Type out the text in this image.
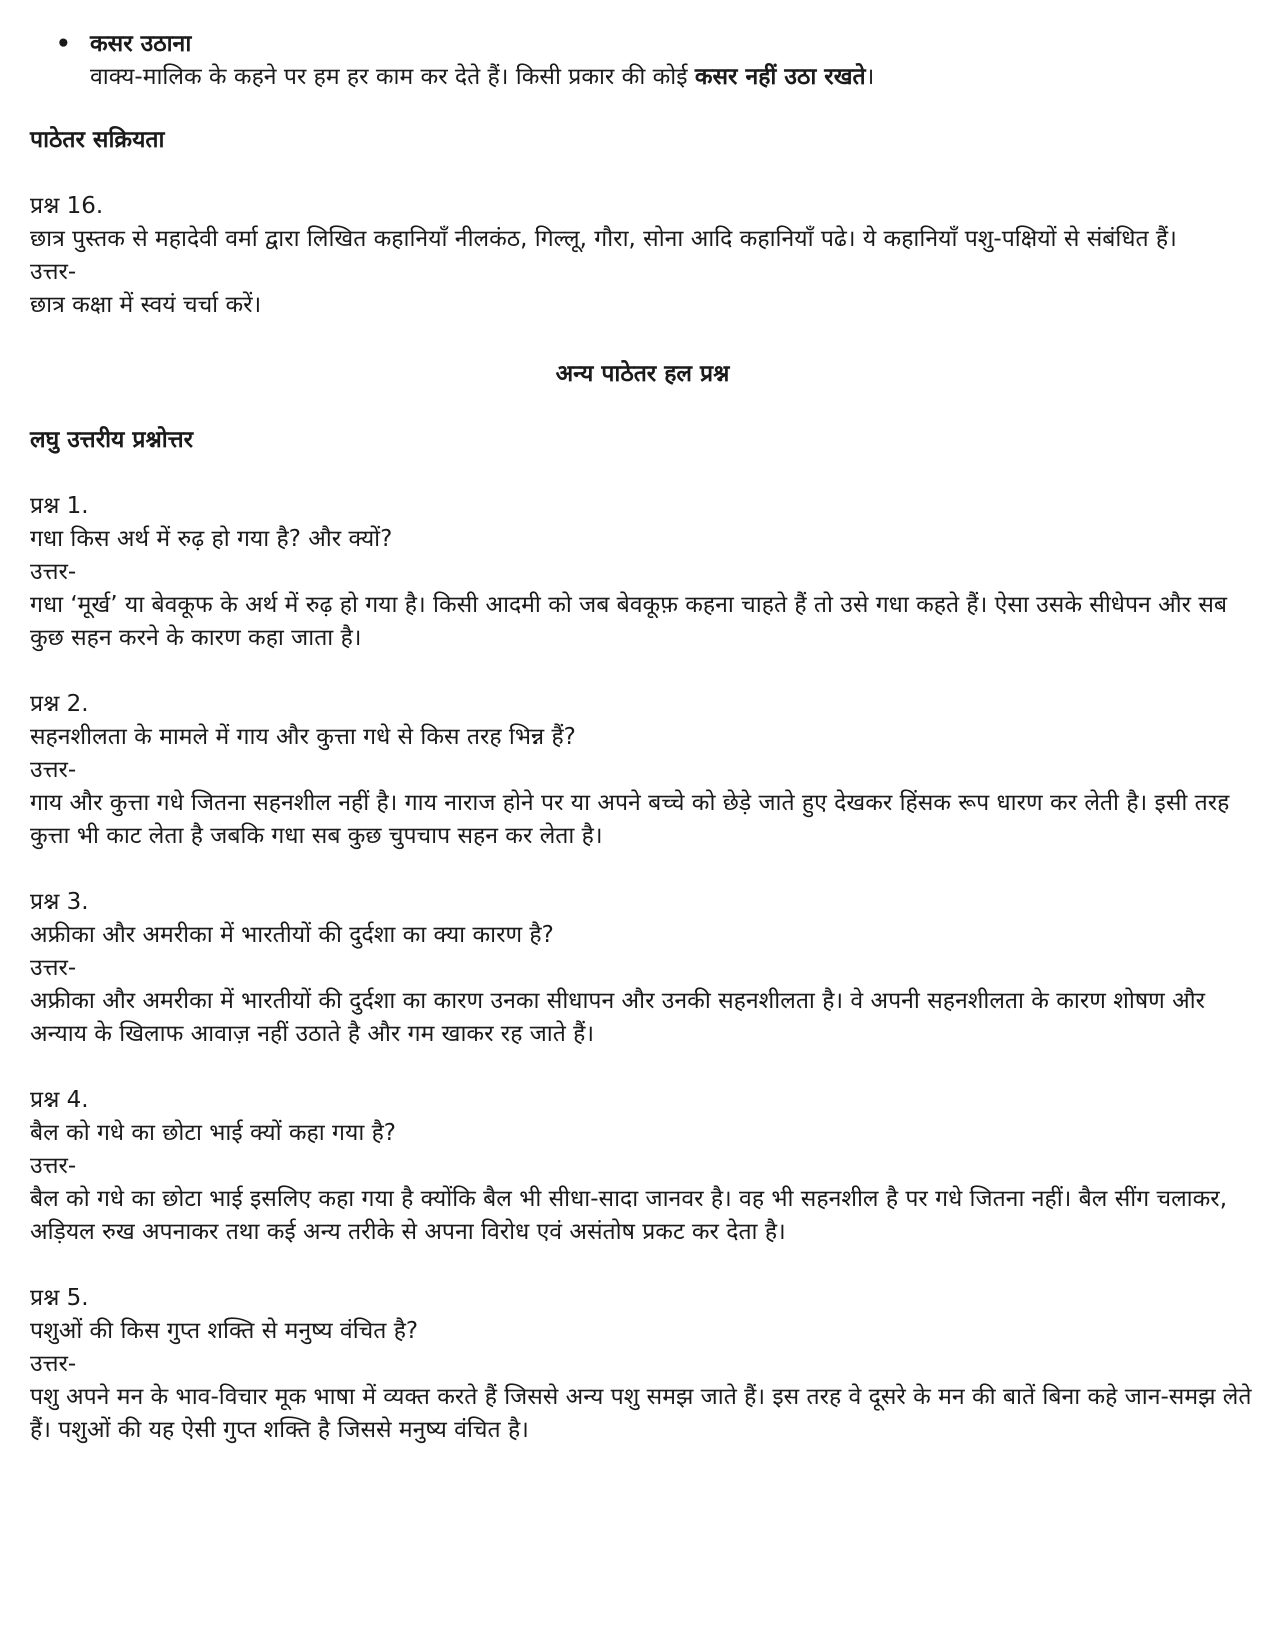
• कसर उठाना
वाक्य-मालिक के कहने पर हम हर काम कर देते हैं। किसी प्रकार की कोई कसर नहीं उठा रखते।
पाठेतर सक्रियता
प्रश्न 16.
छात्र पुस्तक से महादेवी वर्मा द्वारा लिखित कहानियाँ नीलकंठ, गिल्लू, गौरा, सोना आदि कहानियाँ पढे। ये कहानियाँ पशु-पक्षियों से संबंधित हैं।
उत्तर-
छात्र कक्षा में स्वयं चर्चा करें।
अन्य पाठेतर हल प्रश्न
लघु उत्तरीय प्रश्नोत्तर
प्रश्न 1.
गधा किस अर्थ में रुढ़ हो गया है? और क्यों?
उत्तर-
गधा ‘मूर्ख’ या बेवकूफ के अर्थ में रुढ़ हो गया है। किसी आदमी को जब बेवकूफ़ कहना चाहते हैं तो उसे गधा कहते हैं। ऐसा उसके सीधेपन और सब कुछ सहन करने के कारण कहा जाता है।
प्रश्न 2.
सहनशीलता के मामले में गाय और कुत्ता गधे से किस तरह भिन्न हैं?
उत्तर-
गाय और कुत्ता गधे जितना सहनशील नहीं है। गाय नाराज होने पर या अपने बच्चे को छेड़े जाते हुए देखकर हिंसक रूप धारण कर लेती है। इसी तरह कुत्ता भी काट लेता है जबकि गधा सब कुछ चुपचाप सहन कर लेता है।
प्रश्न 3.
अफ्रीका और अमरीका में भारतीयों की दुर्दशा का क्या कारण है?
उत्तर-
अफ्रीका और अमरीका में भारतीयों की दुर्दशा का कारण उनका सीधापन और उनकी सहनशीलता है। वे अपनी सहनशीलता के कारण शोषण और अन्याय के खिलाफ आवाज़ नहीं उठाते है और गम खाकर रह जाते हैं।
प्रश्न 4.
बैल को गधे का छोटा भाई क्यों कहा गया है?
उत्तर-
बैल को गधे का छोटा भाई इसलिए कहा गया है क्योंकि बैल भी सीधा-सादा जानवर है। वह भी सहनशील है पर गधे जितना नहीं। बैल सींग चलाकर, अड़ियल रुख अपनाकर तथा कई अन्य तरीके से अपना विरोध एवं असंतोष प्रकट कर देता है।
प्रश्न 5.
पशुओं की किस गुप्त शक्ति से मनुष्य वंचित है?
उत्तर-
पशु अपने मन के भाव-विचार मूक भाषा में व्यक्त करते हैं जिससे अन्य पशु समझ जाते हैं। इस तरह वे दूसरे के मन की बातें बिना कहे जान-समझ लेते हैं। पशुओं की यह ऐसी गुप्त शक्ति है जिससे मनुष्य वंचित है।
